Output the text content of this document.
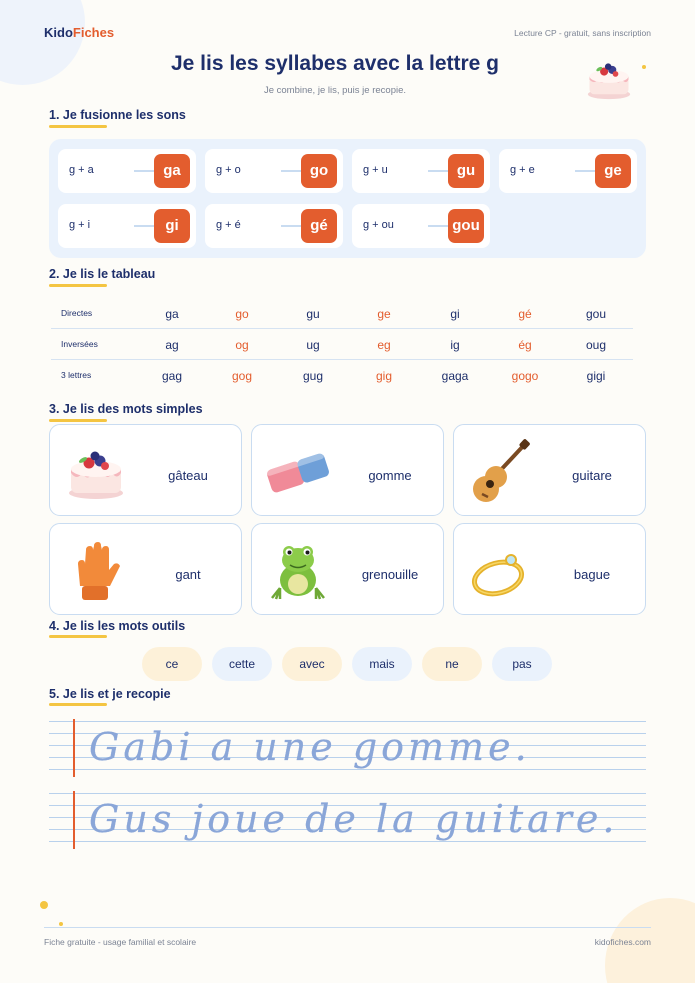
KidoFiches	Lecture CP - gratuit, sans inscription
Je lis les syllabes avec la lettre g
Je combine, je lis, puis je recopie.
1. Je fusionne les sons
g + a	ga	g + o	go	g + u	gu	g + e	ge
g + i	gi	g + é	gé	g + ou	gou
2. Je lis le tableau
Directes	ga	go	gu	ge	gi	gé	gou
Inversées	ag	og	ug	eg	ig	ég	oug
3 lettres	gag	gog	gug	gig	gaga	gogo	gigi
3. Je lis des mots simples
gâteau	gomme	guitare
gant	grenouille	bague
4. Je lis les mots outils
ce	cette	avec	mais	ne	pas
5. Je lis et je recopie
Gabi a une gomme.
Gus joue de la guitare.
Fiche gratuite - usage familial et scolaire	kidofiches.com
